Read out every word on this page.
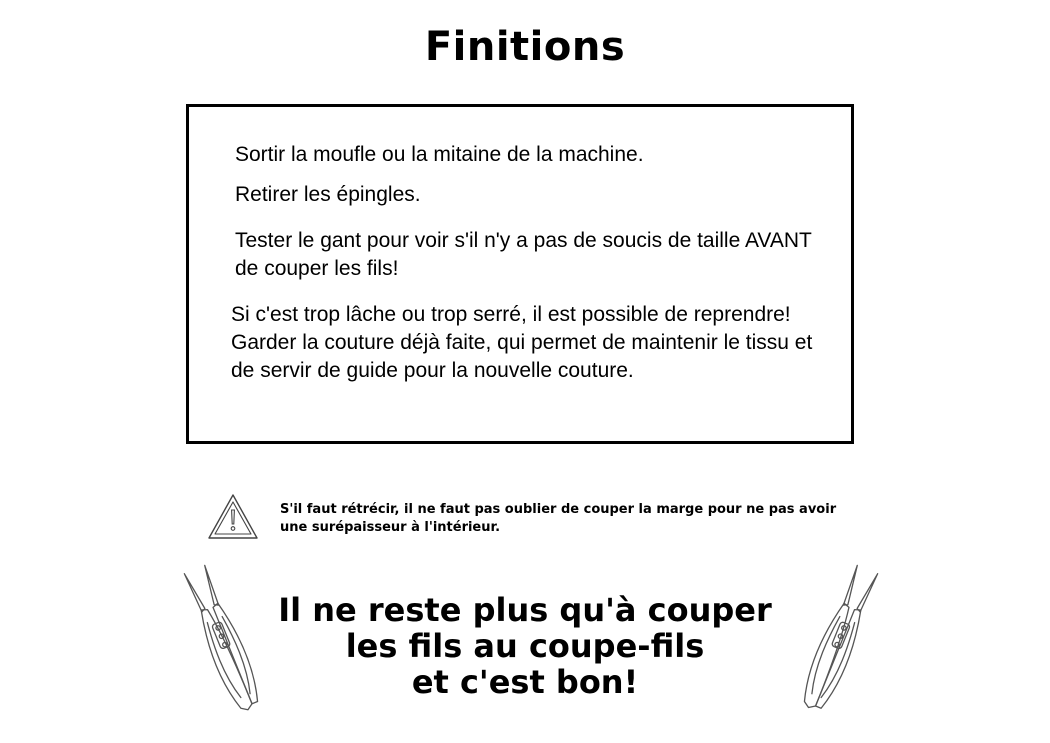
Finitions

Sortir la moufle ou la mitaine de la machine.

Retirer les épingles.

Tester le gant pour voir s'il n'y a pas de soucis de taille AVANT de couper les fils!

Si c'est trop lâche ou trop serré, il est possible de reprendre! Garder la couture déjà faite, qui permet de maintenir le tissu et de servir de guide pour la nouvelle couture.

S'il faut rétrécir, il ne faut pas oublier de couper la marge pour ne pas avoir une surépaisseur à l'intérieur.

Il ne reste plus qu'à couper
les fils au coupe-fils
et c'est bon!
